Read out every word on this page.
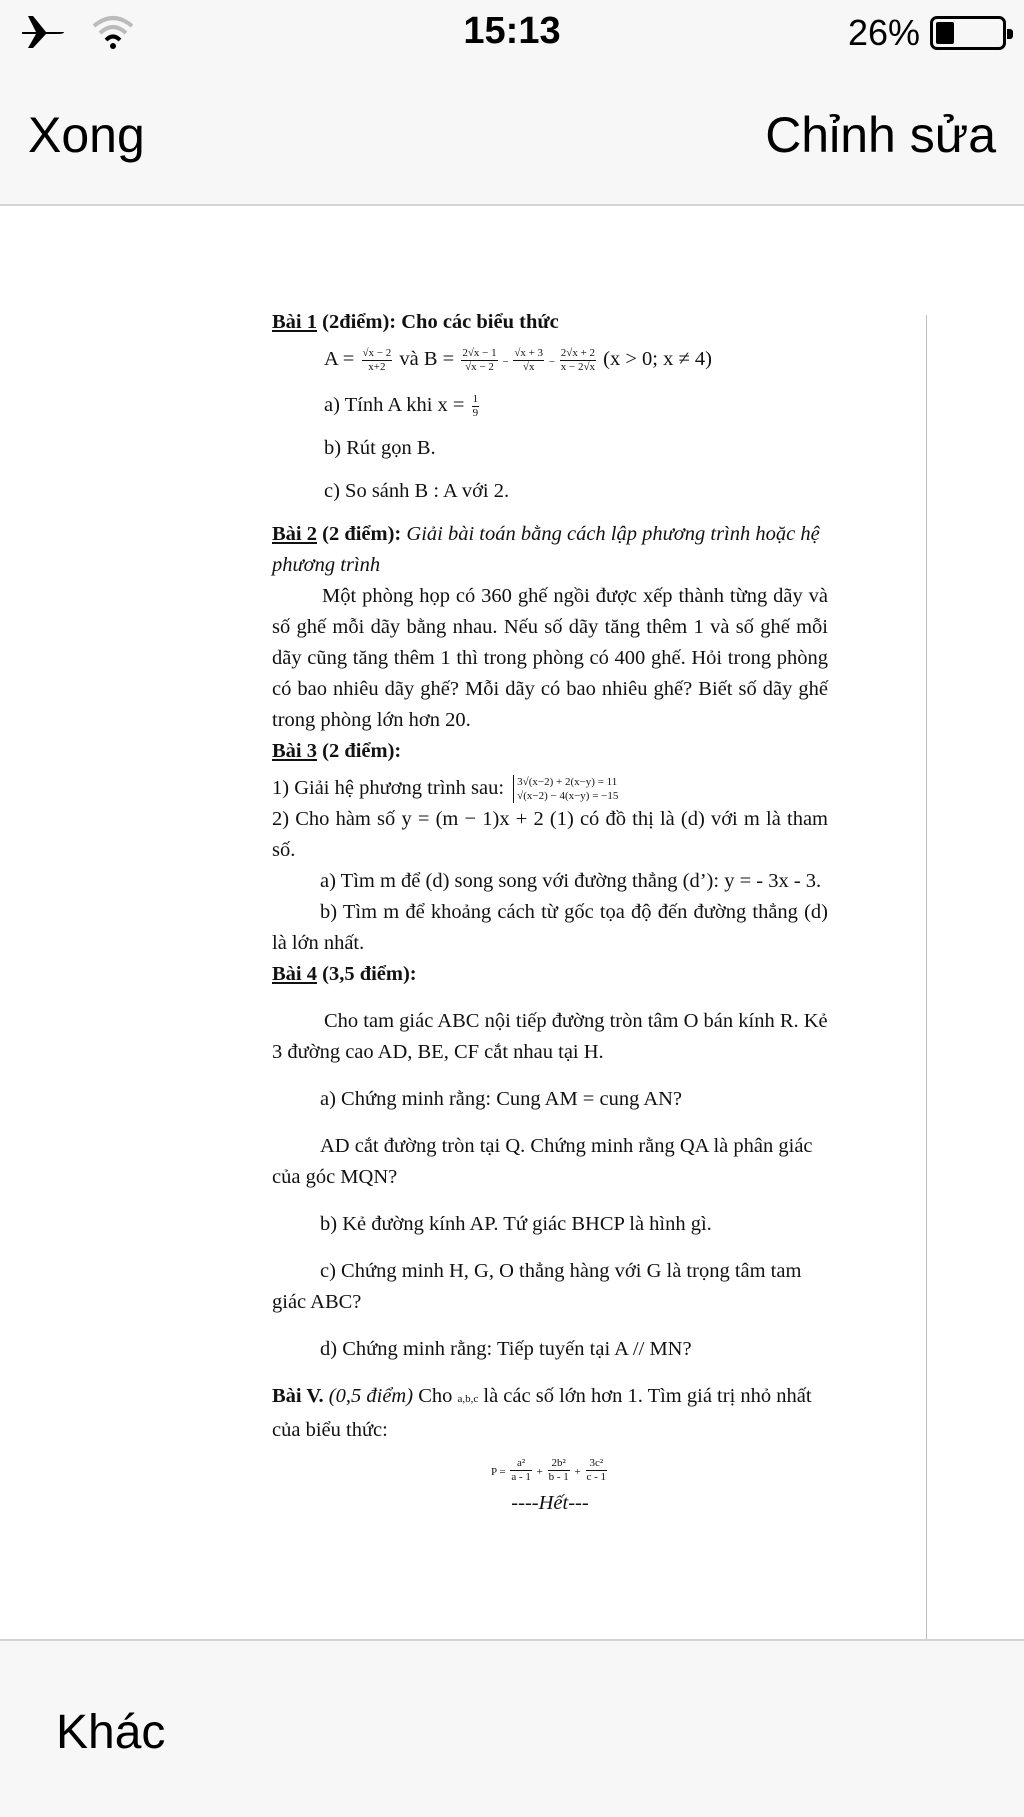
15:13	26%
Xong	Chỉnh sửa

Bài 1 (2điểm): Cho các biểu thức

$A = \frac{√x - 2}{x+2}$ và $B = \frac{2√x - 1}{√x - 2} - \frac{√x + 3}{√x} - \frac{2√x + 2}{x - 2√x} (x > 0$; x ≠ 4)

a) Tính A khi $x = \frac{1}{9}$

b) Rút gọn B.

c) So sánh B : A với 2.

Bài 2 (2 điểm): Giải bài toán bằng cách lập phương trình hoặc hệ phương trình

Một phòng họp có 360 ghế ngồi được xếp thành từng dãy và số ghế mỗi dãy bằng nhau. Nếu số dãy tăng thêm 1 và số ghế mỗi dãy cũng tăng thêm 1 thì trong phòng có 400 ghế. Hỏi trong phòng có bao nhiêu dãy ghế? Mỗi dãy có bao nhiêu ghế? Biết số dãy ghế trong phòng lớn hơn 20.

Bài 3 (2 điểm):

1) Giải hệ phương trình sau: 3√(x−2) + 2(x−y) = 11
√(x−2) − 4(x−y) = −15

2) Cho hàm số y = (m − 1)x + 2 (1) có đồ thị là (d) với m là tham số.

a) Tìm m để (d) song song với đường thẳng (d’): y = - 3x - 3.

b) Tìm m để khoảng cách từ gốc tọa độ đến đường thẳng (d) là lớn nhất.

Bài 4 (3,5 điểm):

Cho tam giác ABC nội tiếp đường tròn tâm O bán kính R. Kẻ 3 đường cao AD, BE, CF cắt nhau tại H.

a) Chứng minh rằng: Cung AM = cung AN?

AD cắt đường tròn tại Q. Chứng minh rằng QA là phân giác của góc MQN?

b) Kẻ đường kính AP. Tứ giác BHCP là hình gì.

c) Chứng minh H, G, O thẳng hàng với G là trọng tâm tam giác ABC?

d) Chứng minh rằng: Tiếp tuyến tại A // MN?

Bài V. (0,5 điểm) Cho a,b,c là các số lớn hơn 1. Tìm giá trị nhỏ nhất của biểu thức:

$P = \frac{\text{a²}}{a - 1} + \frac{\text{2b²}}{b - 1} + \frac{\text{3c²}}{c - 1}$

----Hết---

Khác
